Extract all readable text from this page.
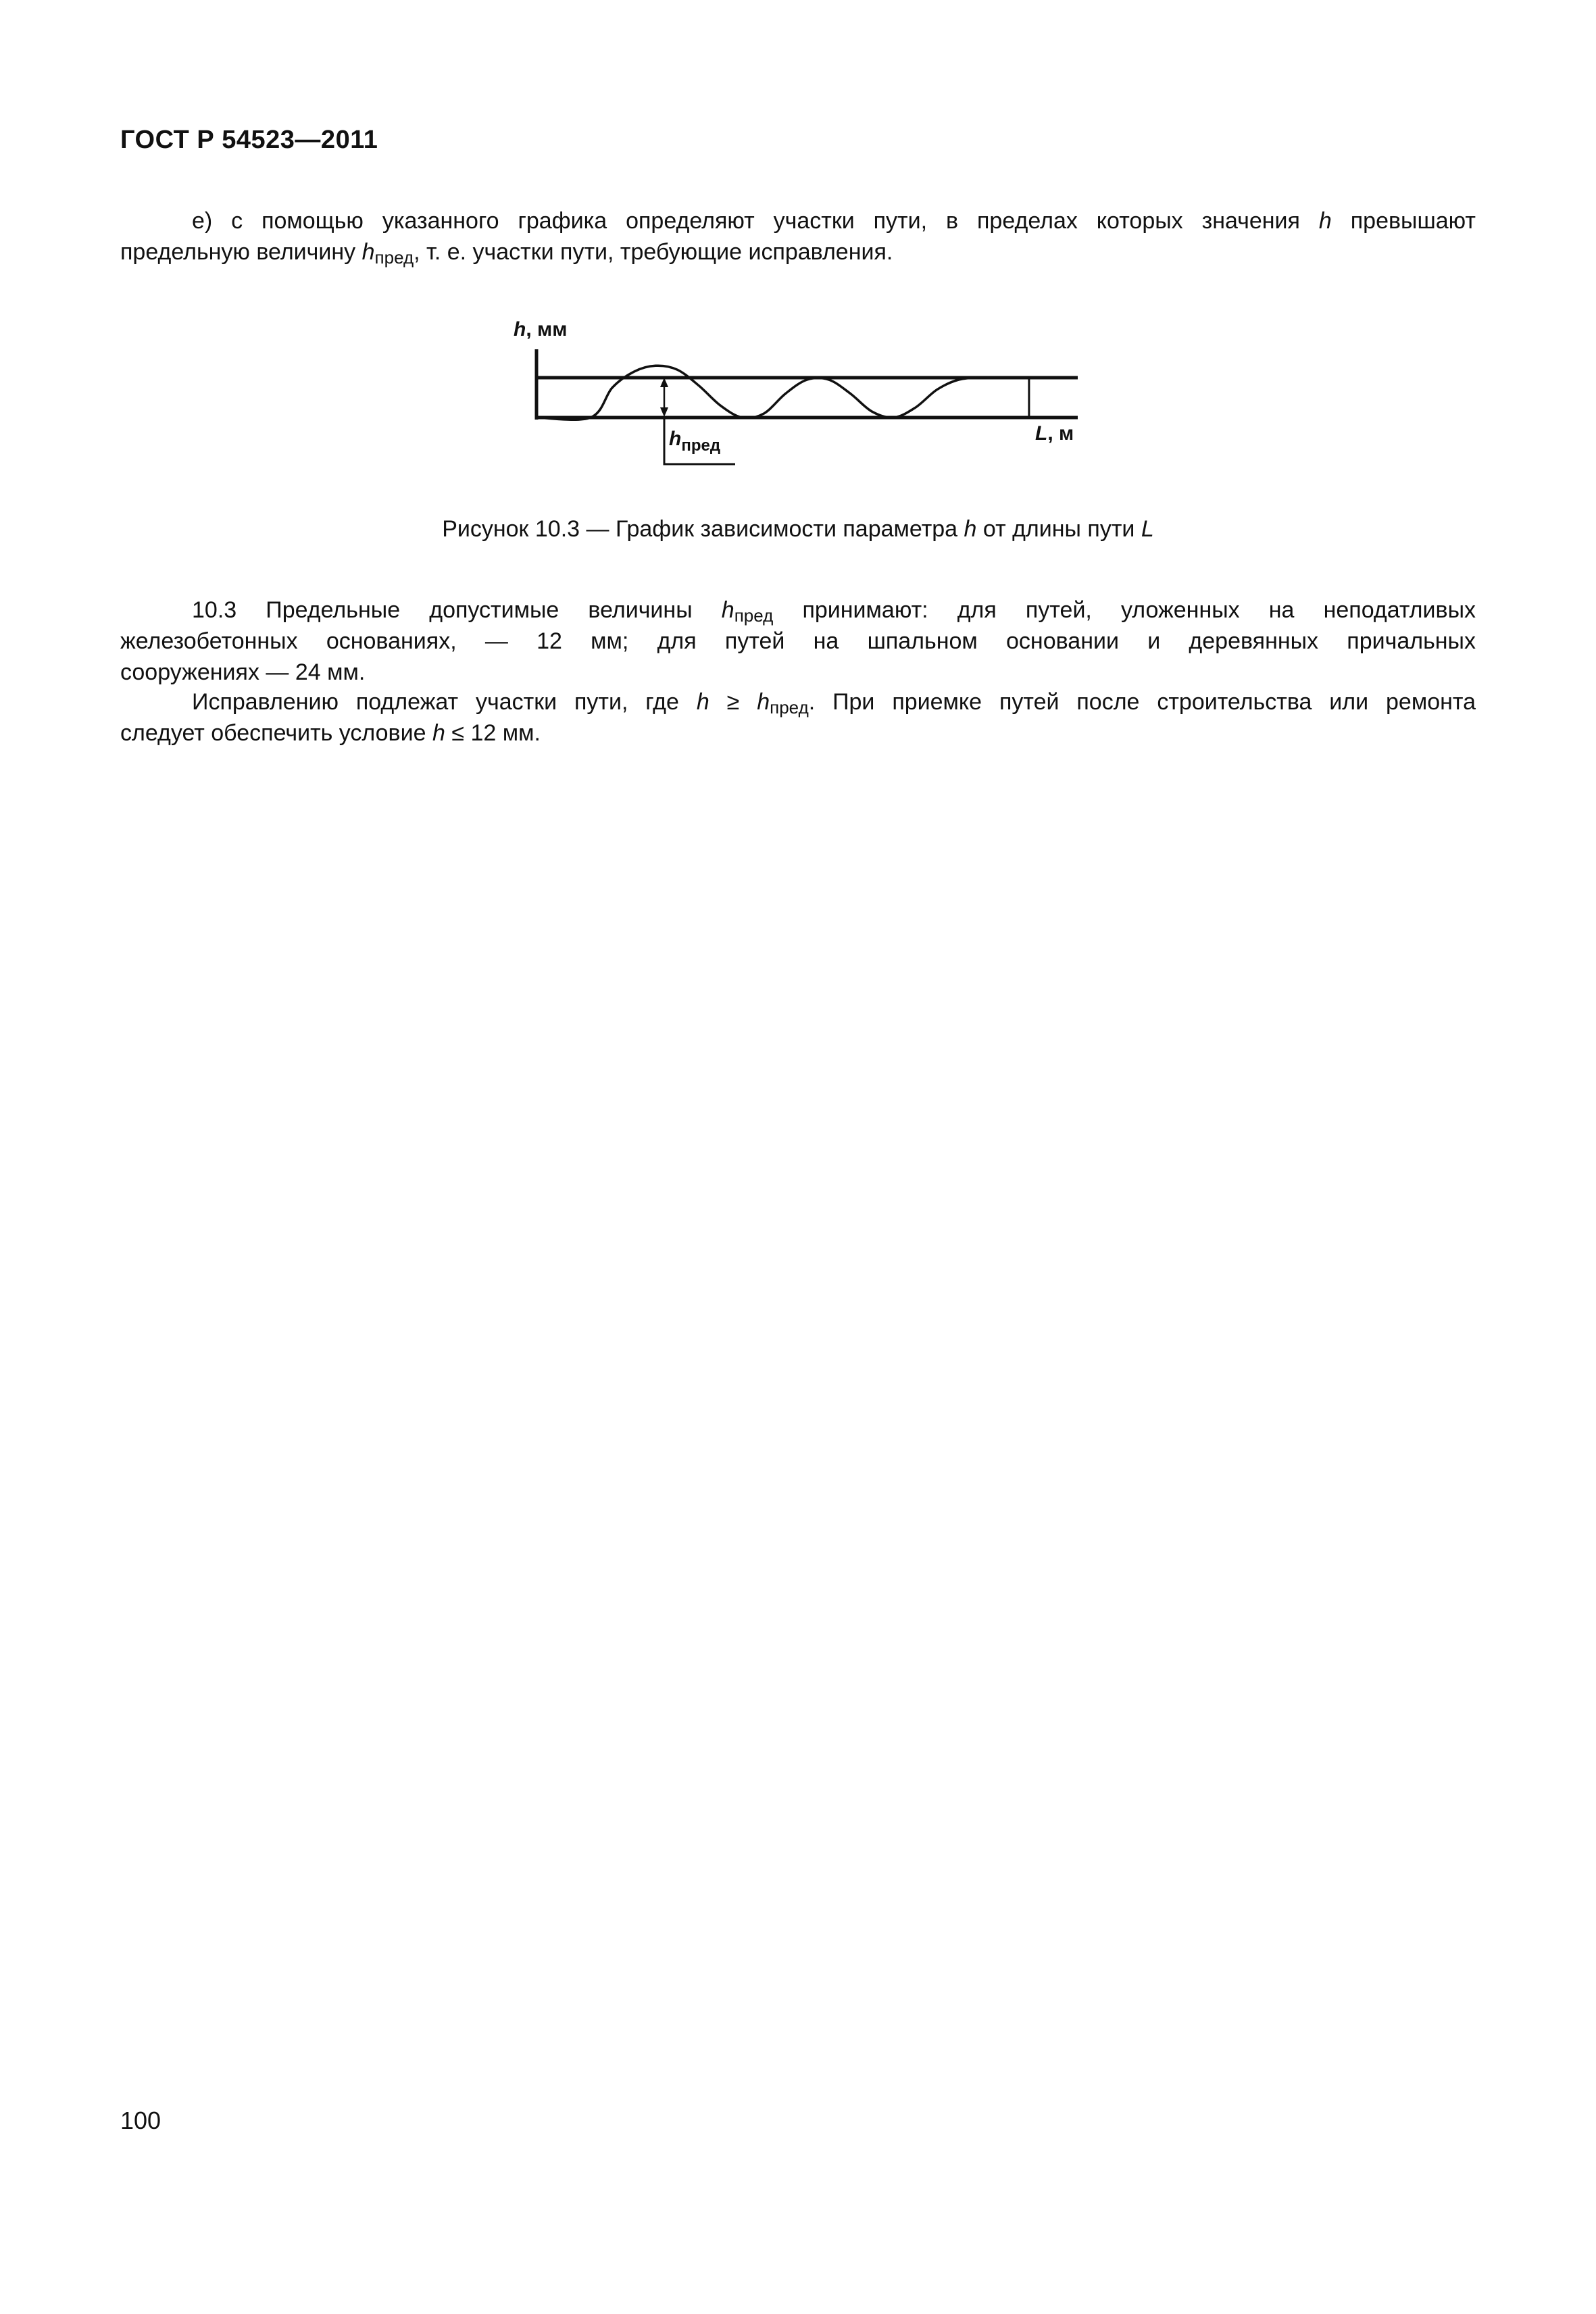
ГОСТ Р 54523—2011

е) с помощью указанного графика определяют участки пути, в пределах которых значения h превышают
предельную величину $h_{пред}$, т. е. участки пути, требующие исправления.

h, мм
$h_{пред}$
L, м
Рисунок 10.3 — График зависимости параметра h от длины пути L

10.3 Предельные допустимые величины $h_{пред}$ принимают: для путей, уложенных на неподатливых
железобетонных основаниях, — 12 мм; для путей на шпальном основании и деревянных причальных
сооружениях — 24 мм.

Исправлению подлежат участки пути, где $h \ge h_{пред}$. При приемке путей после строительства или ремонта
следует обеспечить условие h ≤ 12 мм.

100
